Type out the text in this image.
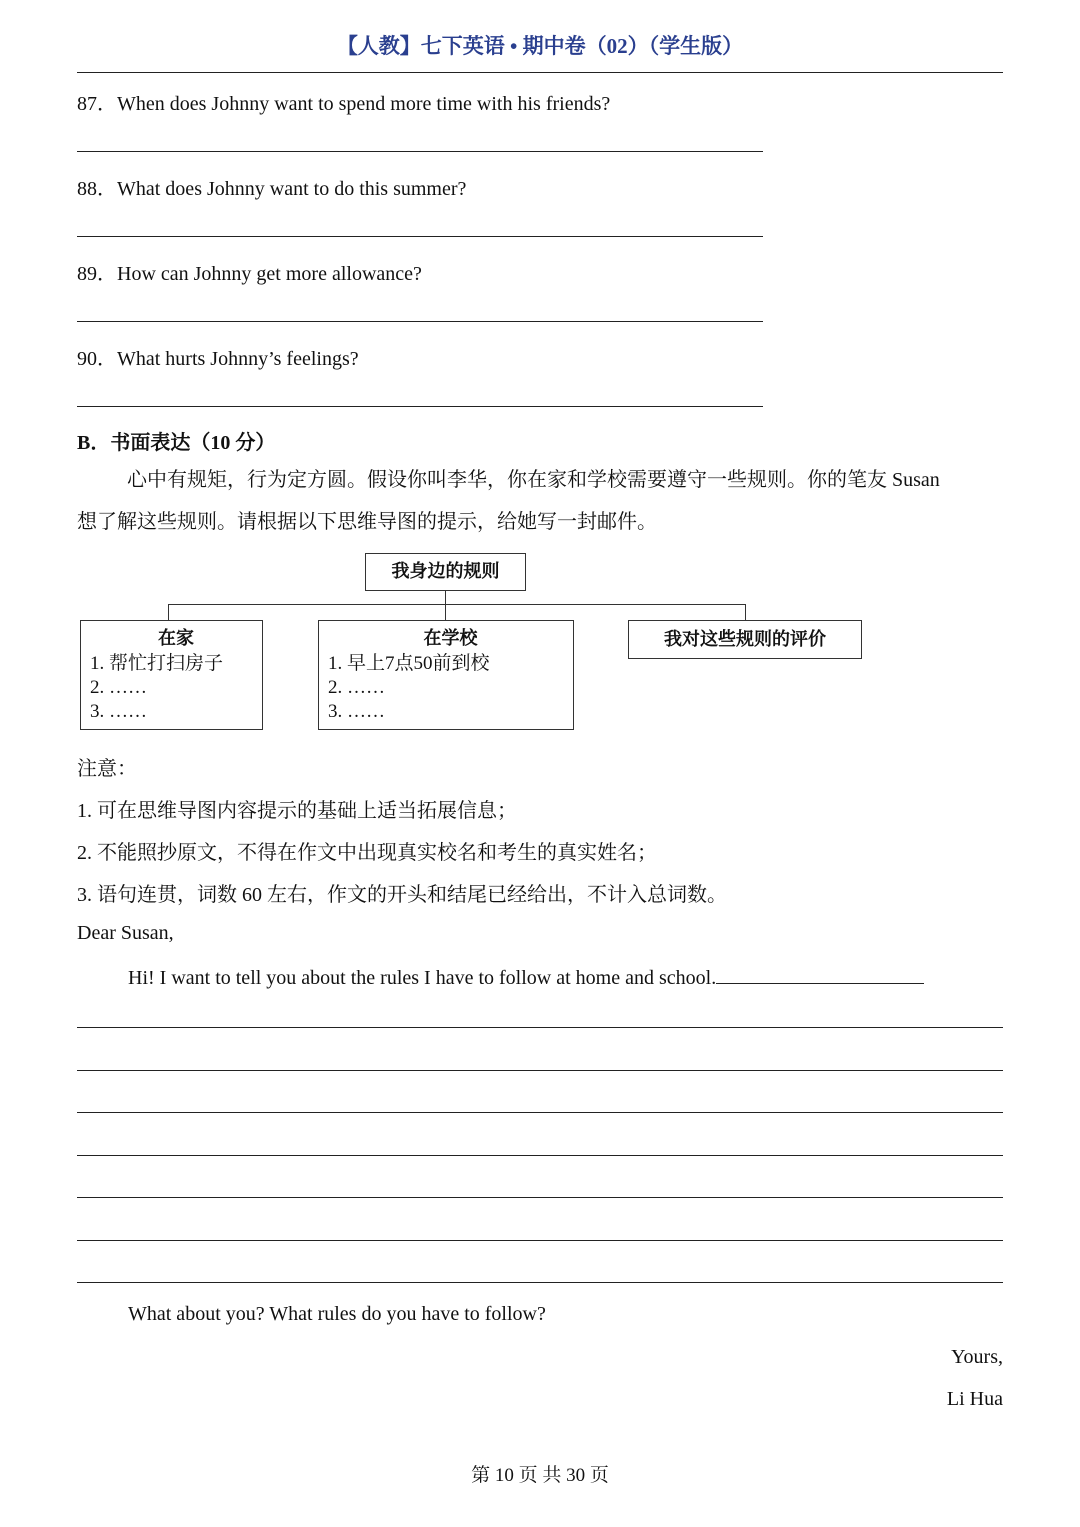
【人教】七下英语 • 期中卷（02）（学生版）
87．When does Johnny want to spend more time with his friends?
88．What does Johnny want to do this summer?
89．How can Johnny get more allowance?
90．What hurts Johnny’s feelings?
B．书面表达（10 分）
心中有规矩，行为定方圆。假设你叫李华，你在家和学校需要遵守一些规则。你的笔友 Susan
想了解这些规则。请根据以下思维导图的提示，给她写一封邮件。
我身边的规则
在家
1. 帮忙打扫房子
2. ……
3. ……
在学校
1. 早上7点50前到校
2. ……
3. ……
我对这些规则的评价
注意：
1. 可在思维导图内容提示的基础上适当拓展信息；
2. 不能照抄原文，不得在作文中出现真实校名和考生的真实姓名；
3. 语句连贯，词数 60 左右，作文的开头和结尾已经给出，不计入总词数。
Dear Susan,
Hi! I want to tell you about the rules I have to follow at home and school.
What about you? What rules do you have to follow?
Yours,
Li Hua
第 10 页 共 30 页
